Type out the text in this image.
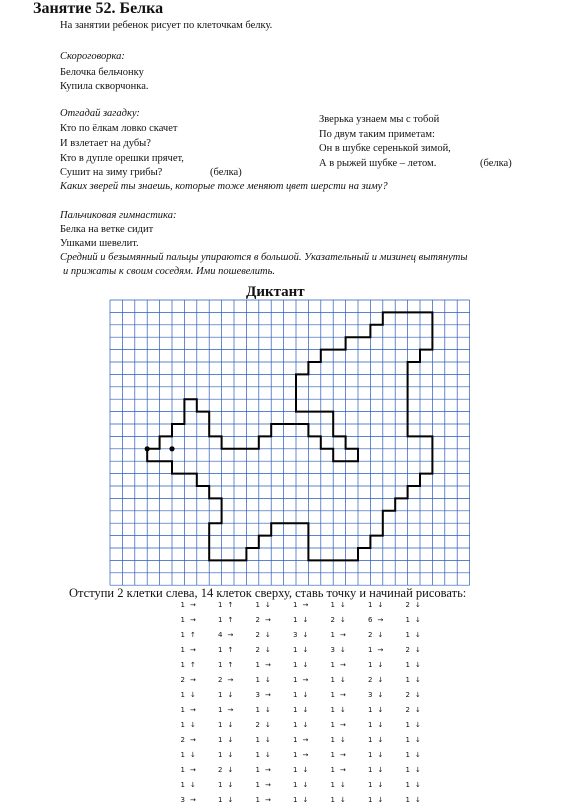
Занятие 52. Белка
На занятии ребенок рисует по клеточкам белку.
Скороговорка:
Белочка бельчонку
Купила скворчонка.
Отгадай загадку:
Кто по ёлкам ловко скачет
И взлетает на дубы?
Кто в дупле орешки прячет,
Сушит на зиму грибы?	(белка)
Зверька узнаем мы с тобой
По двум таким приметам:
Он в шубке серенькой зимой,
А в рыжей шубке – летом.	(белка)
Каких зверей ты знаешь, которые тоже меняют цвет шерсти на зиму?
Пальчиковая гимнастика:
Белка на ветке сидит
Ушками шевелит.
Средний и безымянный пальцы упираются в большой. Указательный и мизинец вытянуты
и прижаты к своим соседям. Ими пошевелить.
Диктант
Отступи 2 клетки слева, 14 клеток сверху, ставь точку и начинай рисовать:
1 →
1 →
1 ↑
1 →
1 ↑
2 →
1 ↓
1 →
1 ↓
2 →
1 ↓
1 →
1 ↓
3 →
1 ↑
1 ↑
4 →
1 ↑
1 ↑
2 →
1 ↓
1 →
1 ↓
1 ↓
1 ↓
2 ↓
1 ↓
1 ↓
1 ↓
2 →
2 ↓
2 ↓
1 →
1 ↓
3 →
1 ↓
2 ↓
1 ↓
1 ↓
1 →
1 →
1 →
1 →
1 ↓
3 ↓
1 ↓
1 ↓
1 →
1 ↓
1 ↓
1 ↓
1 →
1 →
1 ↓
1 ↓
1 ↓
1 ↓
2 ↓
1 →
3 ↓
1 →
1 ↓
1 →
1 ↓
1 →
1 ↓
1 →
1 →
1 ↓
1 ↓
1 ↓
6 →
2 ↓
1 →
1 ↓
2 ↓
3 ↓
1 ↓
1 ↓
1 ↓
1 ↓
1 ↓
1 ↓
1 ↓
2 ↓
1 ↓
1 ↓
2 ↓
1 ↓
1 ↓
2 ↓
2 ↓
1 ↓
1 ↓
1 ↓
1 ↓
1 ↓
1 ↓
